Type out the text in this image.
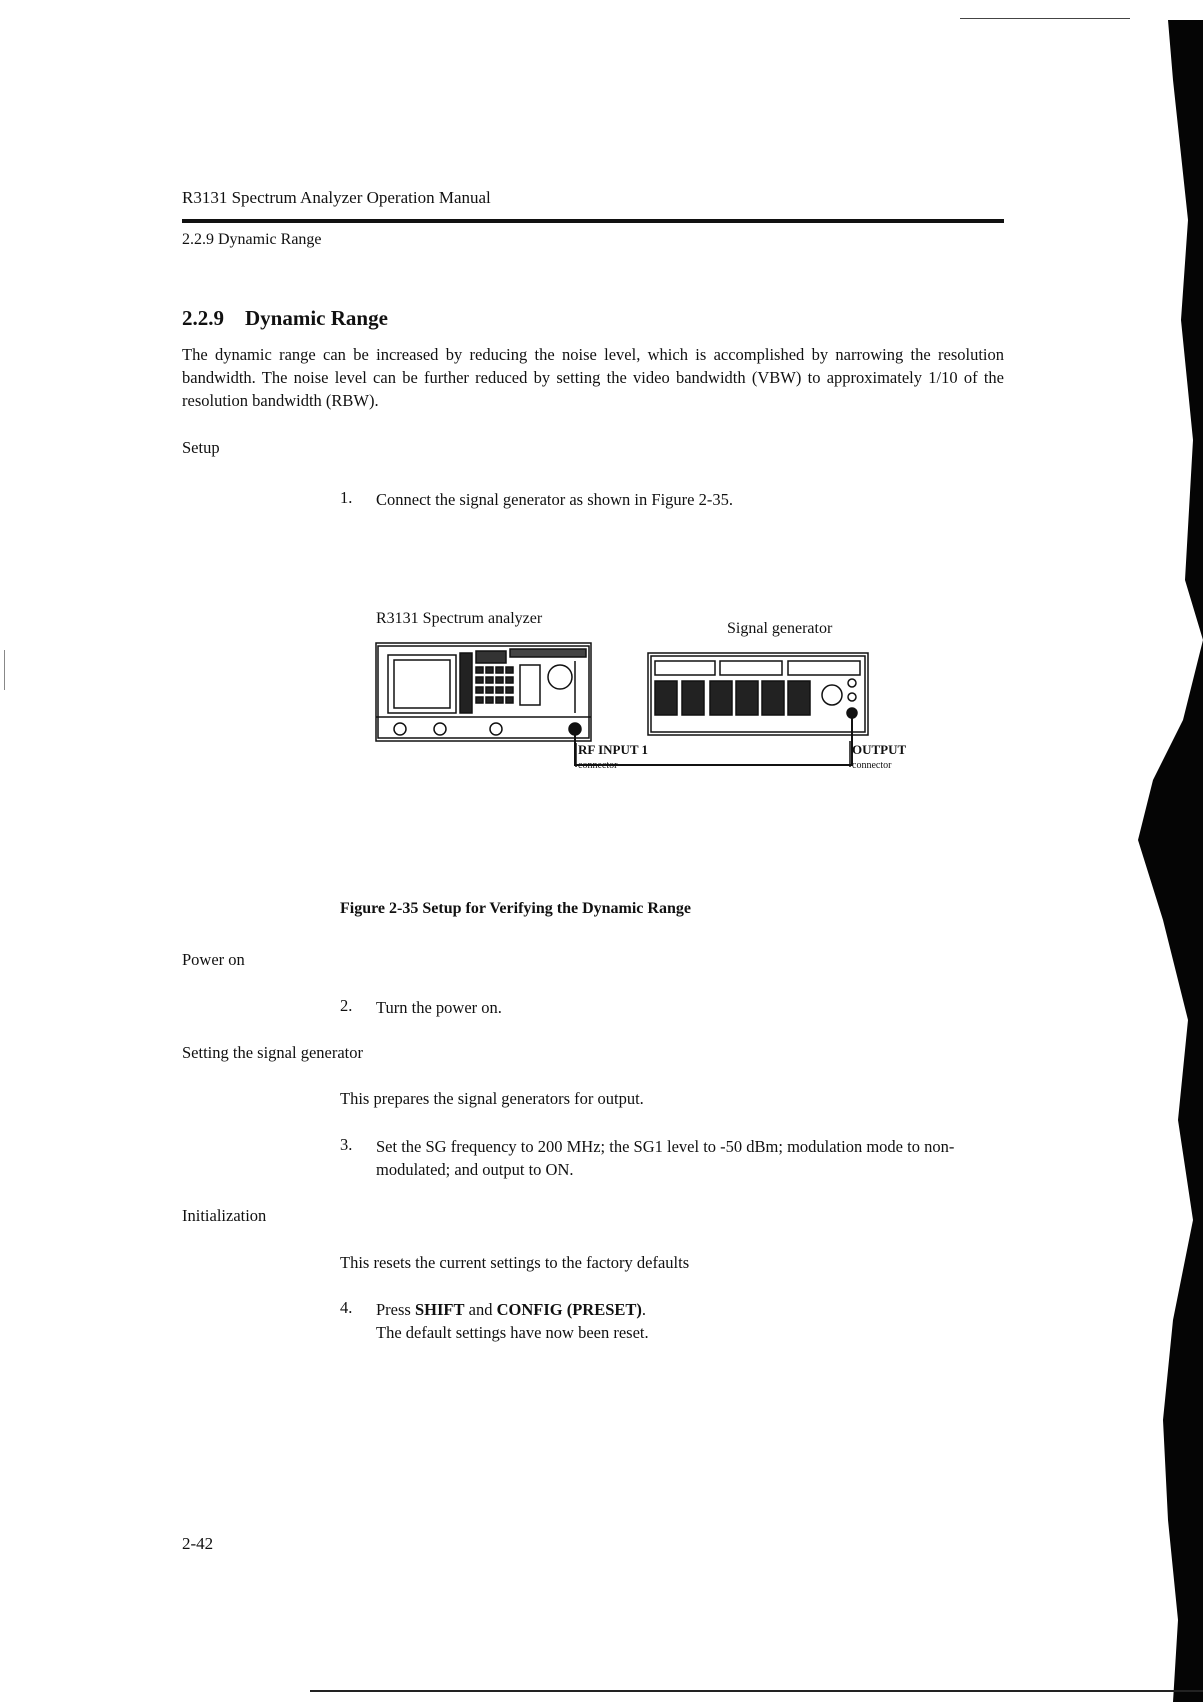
R3131 Spectrum Analyzer Operation Manual
2.2.9 Dynamic Range
2.2.9 Dynamic Range
The dynamic range can be increased by reducing the noise level, which is accomplished by narrowing the resolution bandwidth. The noise level can be further reduced by setting the video bandwidth (VBW) to approximately 1/10 of the resolution bandwidth (RBW).
Setup
1. Connect the signal generator as shown in Figure 2-35.
R3131 Spectrum analyzer
Signal generator
RF INPUT 1
connector
OUTPUT
connector
Figure 2-35 Setup for Verifying the Dynamic Range
Power on
2. Turn the power on.
Setting the signal generator
This prepares the signal generators for output.
3. Set the SG frequency to 200 MHz; the SG1 level to -50 dBm; modulation mode to non-modulated; and output to ON.
Initialization
This resets the current settings to the factory defaults
4. Press SHIFT and CONFIG (PRESET).
The default settings have now been reset.
2-42
